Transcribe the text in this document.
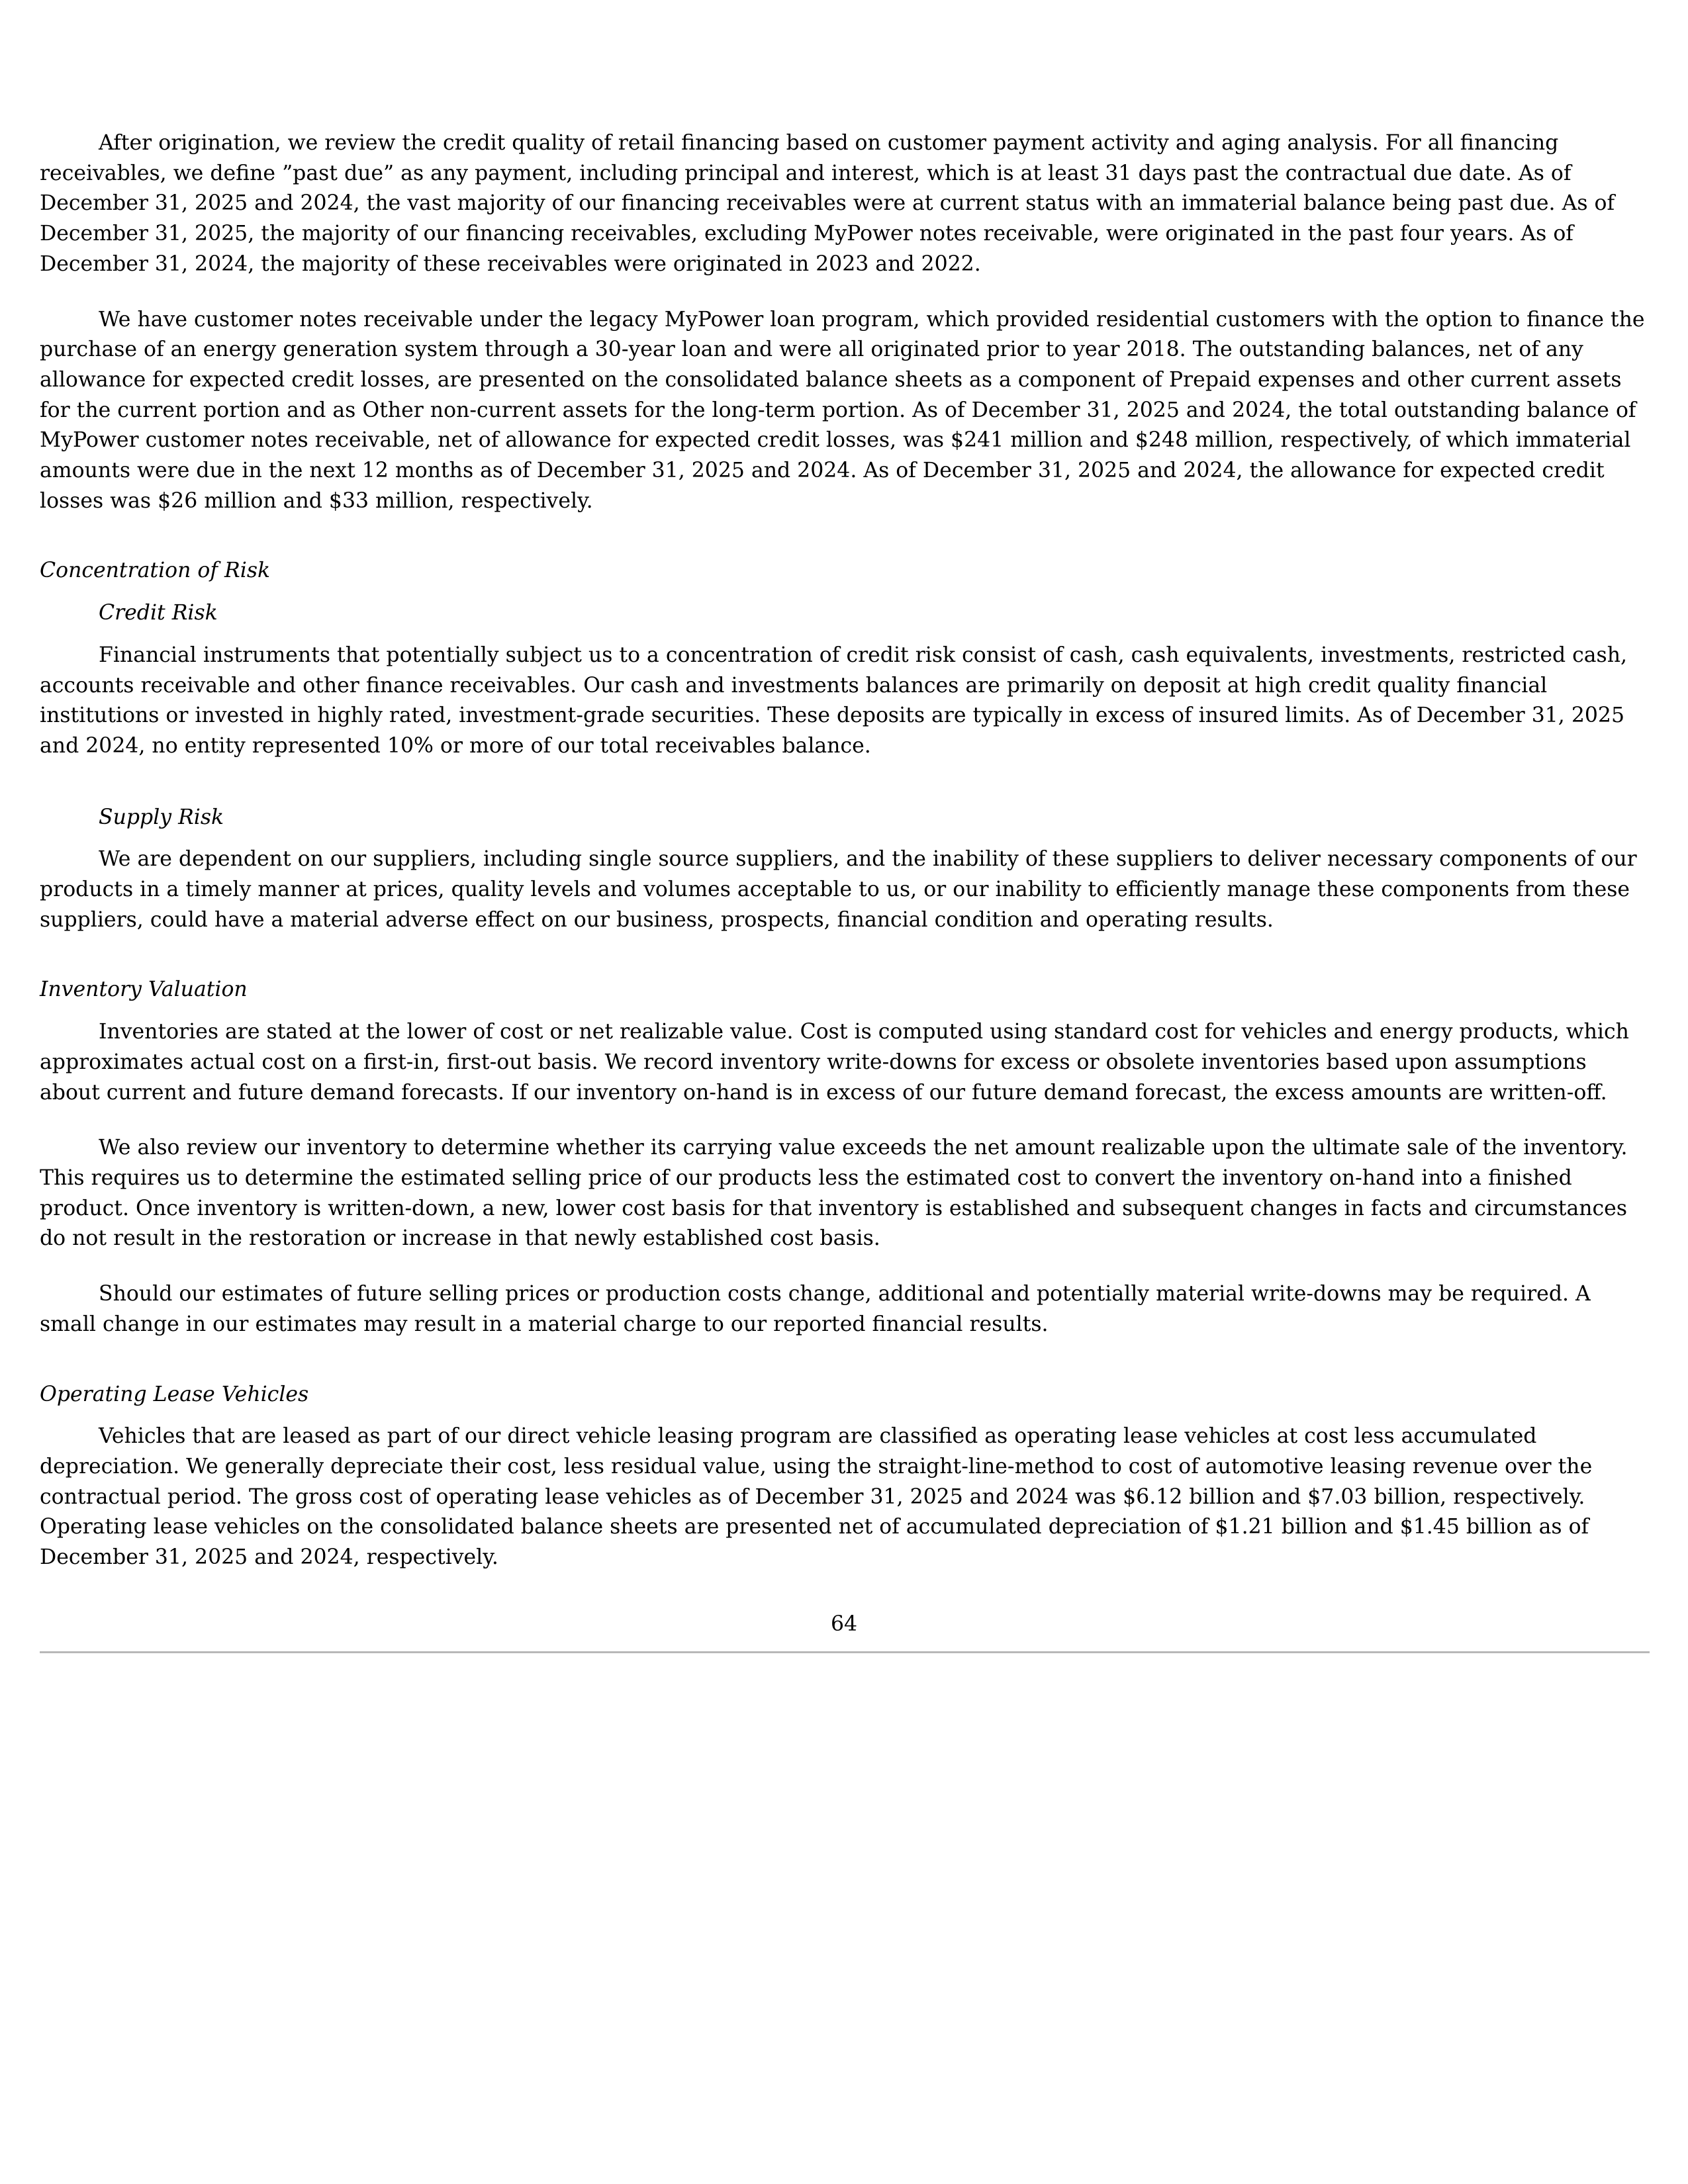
After origination, we review the credit quality of retail financing based on customer payment activity and aging analysis. For all financing receivables, we define ”past due” as any payment, including principal and interest, which is at least 31 days past the contractual due date. As of December 31, 2025 and 2024, the vast majority of our financing receivables were at current status with an immaterial balance being past due. As of December 31, 2025, the majority of our financing receivables, excluding MyPower notes receivable, were originated in the past four years. As of December 31, 2024, the majority of these receivables were originated in 2023 and 2022.

We have customer notes receivable under the legacy MyPower loan program, which provided residential customers with the option to finance the purchase of an energy generation system through a 30-year loan and were all originated prior to year 2018. The outstanding balances, net of any allowance for expected credit losses, are presented on the consolidated balance sheets as a component of Prepaid expenses and other current assets for the current portion and as Other non-current assets for the long-term portion. As of December 31, 2025 and 2024, the total outstanding balance of MyPower customer notes receivable, net of allowance for expected credit losses, was $241 million and $248 million, respectively, of which immaterial amounts were due in the next 12 months as of December 31, 2025 and 2024. As of December 31, 2025 and 2024, the allowance for expected credit losses was $26 million and $33 million, respectively.

Concentration of Risk
Credit Risk

Financial instruments that potentially subject us to a concentration of credit risk consist of cash, cash equivalents, investments, restricted cash, accounts receivable and other finance receivables. Our cash and investments balances are primarily on deposit at high credit quality financial institutions or invested in highly rated, investment-grade securities. These deposits are typically in excess of insured limits. As of December 31, 2025 and 2024, no entity represented 10% or more of our total receivables balance.

Supply Risk

We are dependent on our suppliers, including single source suppliers, and the inability of these suppliers to deliver necessary components of our products in a timely manner at prices, quality levels and volumes acceptable to us, or our inability to efficiently manage these components from these suppliers, could have a material adverse effect on our business, prospects, financial condition and operating results.

Inventory Valuation

Inventories are stated at the lower of cost or net realizable value. Cost is computed using standard cost for vehicles and energy products, which approximates actual cost on a first-in, first-out basis. We record inventory write-downs for excess or obsolete inventories based upon assumptions about current and future demand forecasts. If our inventory on-hand is in excess of our future demand forecast, the excess amounts are written-off.

We also review our inventory to determine whether its carrying value exceeds the net amount realizable upon the ultimate sale of the inventory. This requires us to determine the estimated selling price of our products less the estimated cost to convert the inventory on-hand into a finished product. Once inventory is written-down, a new, lower cost basis for that inventory is established and subsequent changes in facts and circumstances do not result in the restoration or increase in that newly established cost basis.

Should our estimates of future selling prices or production costs change, additional and potentially material write-downs may be required. A small change in our estimates may result in a material charge to our reported financial results.

Operating Lease Vehicles

Vehicles that are leased as part of our direct vehicle leasing program are classified as operating lease vehicles at cost less accumulated depreciation. We generally depreciate their cost, less residual value, using the straight-line-method to cost of automotive leasing revenue over the contractual period. The gross cost of operating lease vehicles as of December 31, 2025 and 2024 was $6.12 billion and $7.03 billion, respectively. Operating lease vehicles on the consolidated balance sheets are presented net of accumulated depreciation of $1.21 billion and $1.45 billion as of December 31, 2025 and 2024, respectively.

64
